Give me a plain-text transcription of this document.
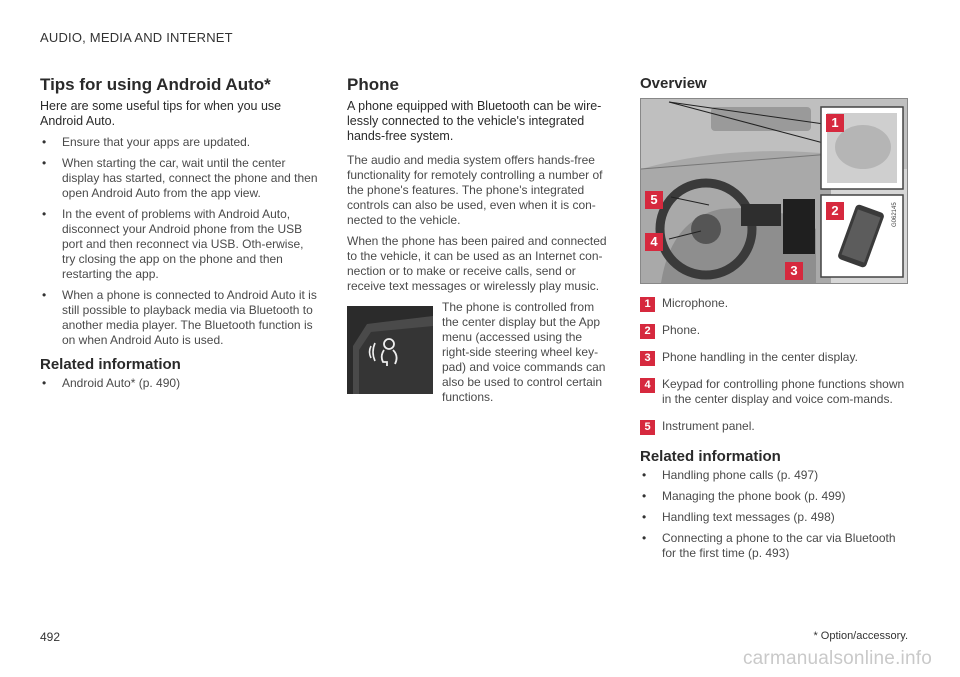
AUDIO, MEDIA AND INTERNET
Tips for using Android Auto*

Here are some useful tips for when you use Android Auto.

• Ensure that your apps are updated.
• When starting the car, wait until the center display has started, connect the phone and then open Android Auto from the app view.
• In the event of problems with Android Auto, disconnect your Android phone from the USB port and then reconnect via USB. Oth-erwise, try closing the app on the phone and then restarting the app.
• When a phone is connected to Android Auto it is still possible to playback media via Bluetooth to another media player. The Bluetooth function is on when Android Auto is used.
Related information
• Android Auto* (p. 490)
Phone

A phone equipped with Bluetooth can be wire-lessly connected to the vehicle's integrated hands-free system.

The audio and media system offers hands-free functionality for remotely controlling a number of the phone's features. The phone's integrated controls can also be used, even when it is con-nected to the vehicle.

When the phone has been paired and connected to the vehicle, it can be used as an Internet con-nection or to make or receive calls, send or receive text messages or wirelessly play music.

The phone is controlled from the center display but the App menu (accessed using the right-side steering wheel key-pad) and voice commands can also be used to control certain functions.

Overview
G062145
1
2
3
4
5
1 Microphone.
2 Phone.
3 Phone handling in the center display.
4 Keypad for controlling phone functions shown in the center display and voice com-mands.
5 Instrument panel.
Related information
• Handling phone calls (p. 497)
• Managing the phone book (p. 499)
• Handling text messages (p. 498)
• Connecting a phone to the car via Bluetooth for the first time (p. 493)
492	* Option/accessory.
carmanualsonline.info
